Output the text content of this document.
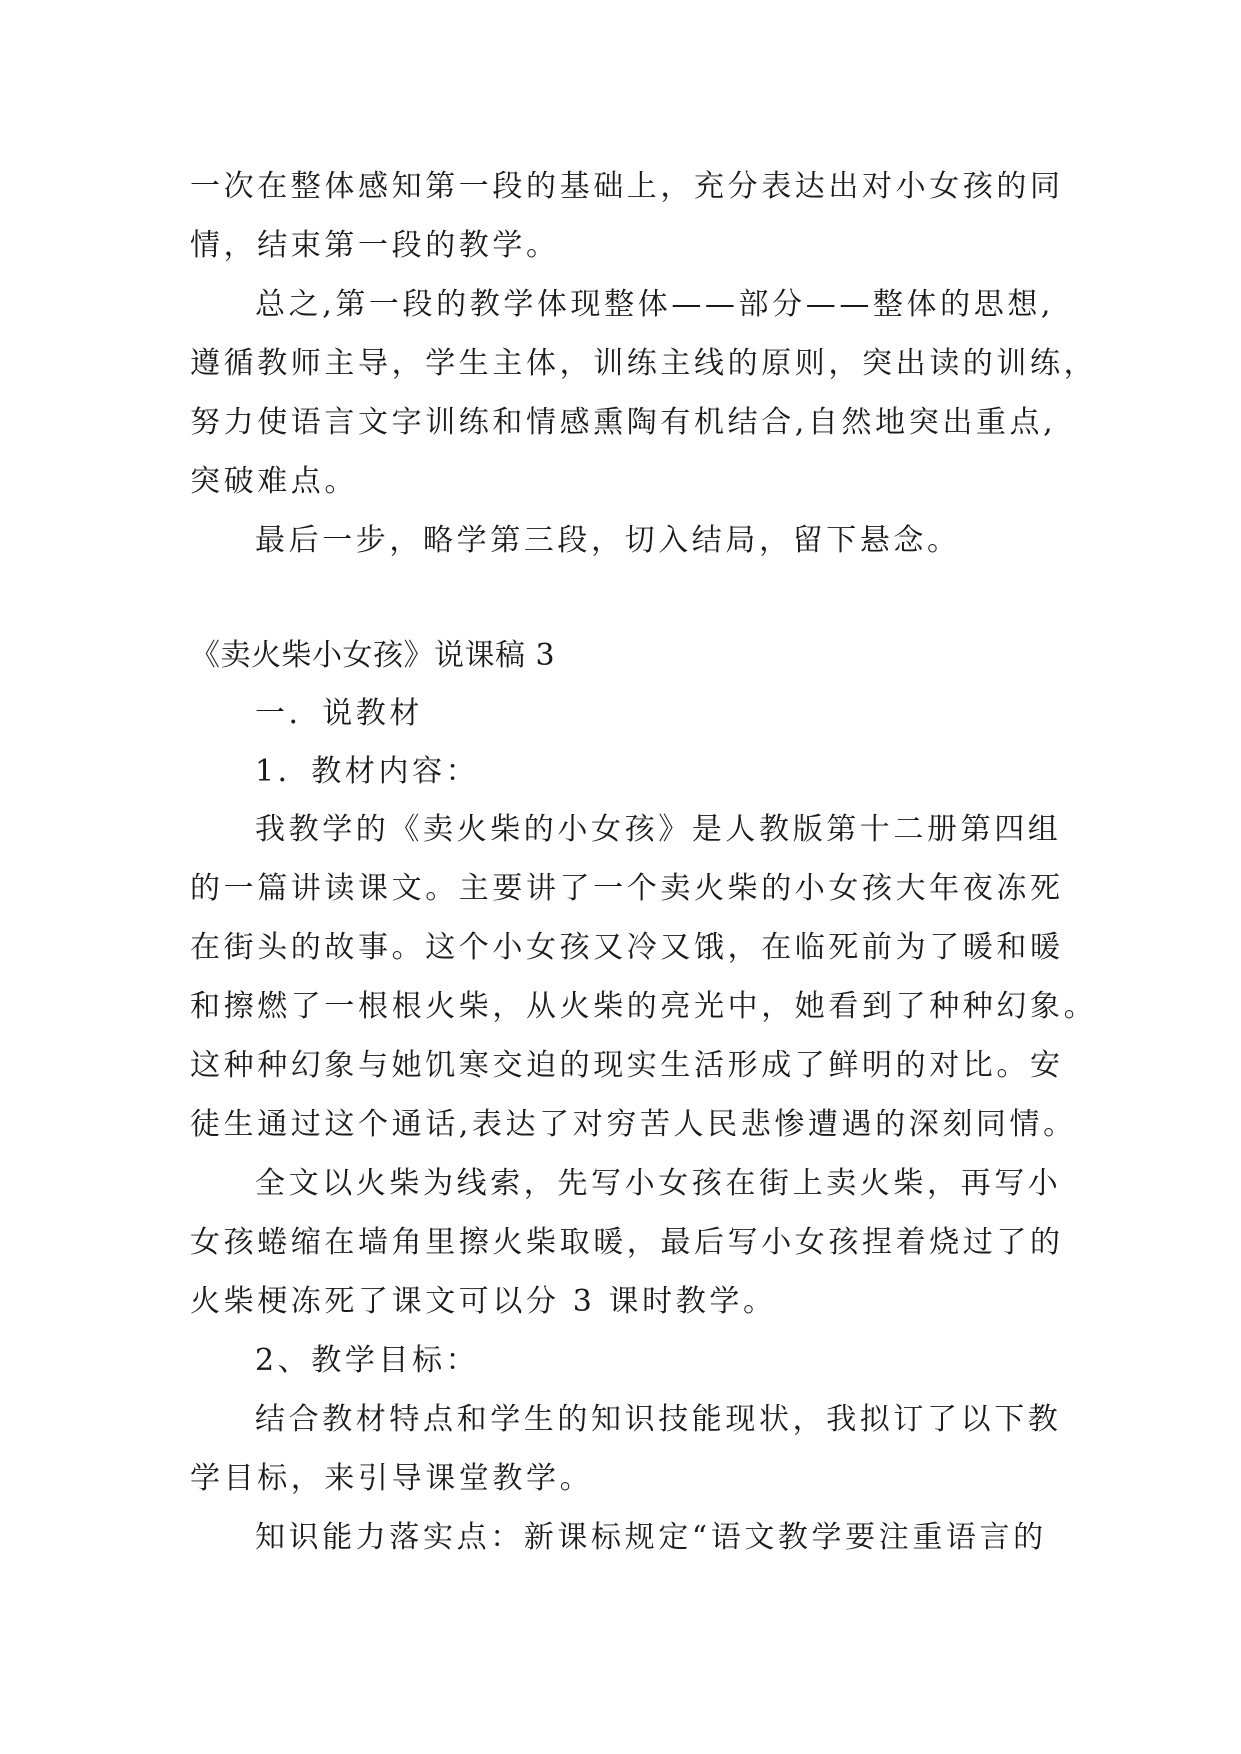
一次在整体感知第一段的基础上，充分表达出对小女孩的同
情，结束第一段的教学。
总之,第一段的教学体现整体——部分——整体的思想,
遵循教师主导，学生主体，训练主线的原则，突出读的训练，
努力使语言文字训练和情感熏陶有机结合,自然地突出重点,
突破难点。
最后一步，略学第三段，切入结局，留下悬念。
《卖火柴小女孩》说课稿 3
一．说教材
1．教材内容：
我教学的《卖火柴的小女孩》是人教版第十二册第四组
的一篇讲读课文。主要讲了一个卖火柴的小女孩大年夜冻死
在街头的故事。这个小女孩又冷又饿，在临死前为了暖和暖
和擦燃了一根根火柴，从火柴的亮光中，她看到了种种幻象。
这种种幻象与她饥寒交迫的现实生活形成了鲜明的对比。安
徒生通过这个通话,表达了对穷苦人民悲惨遭遇的深刻同情。
全文以火柴为线索，先写小女孩在街上卖火柴，再写小
女孩蜷缩在墙角里擦火柴取暖，最后写小女孩捏着烧过了的
火柴梗冻死了课文可以分 3 课时教学。
2、教学目标：
结合教材特点和学生的知识技能现状，我拟订了以下教
学目标，来引导课堂教学。
知识能力落实点：新课标规定“语文教学要注重语言的
